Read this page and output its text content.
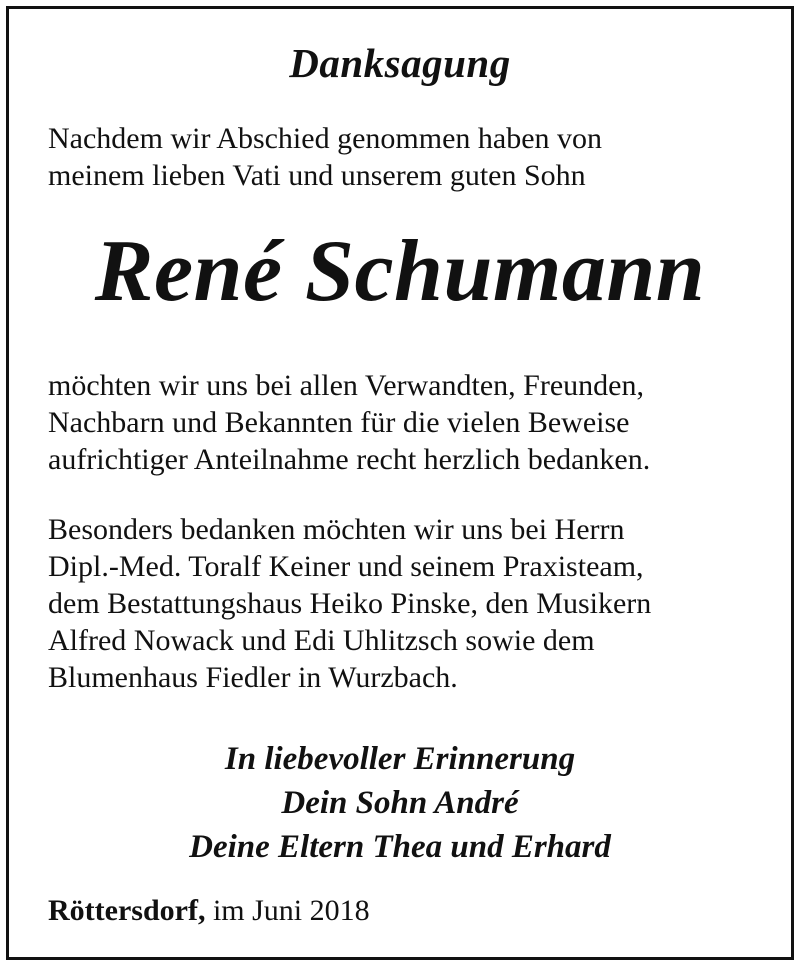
Danksagung
Nachdem wir Abschied genommen haben von
meinem lieben Vati und unserem guten Sohn
René Schumann
möchten wir uns bei allen Verwandten, Freunden,
Nachbarn und Bekannten für die vielen Beweise
aufrichtiger Anteilnahme recht herzlich bedanken.
Besonders bedanken möchten wir uns bei Herrn
Dipl.-Med. Toralf Keiner und seinem Praxisteam,
dem Bestattungshaus Heiko Pinske, den Musikern
Alfred Nowack und Edi Uhlitzsch sowie dem
Blumenhaus Fiedler in Wurzbach.
In liebevoller Erinnerung
Dein Sohn André
Deine Eltern Thea und Erhard
Röttersdorf, im Juni 2018
